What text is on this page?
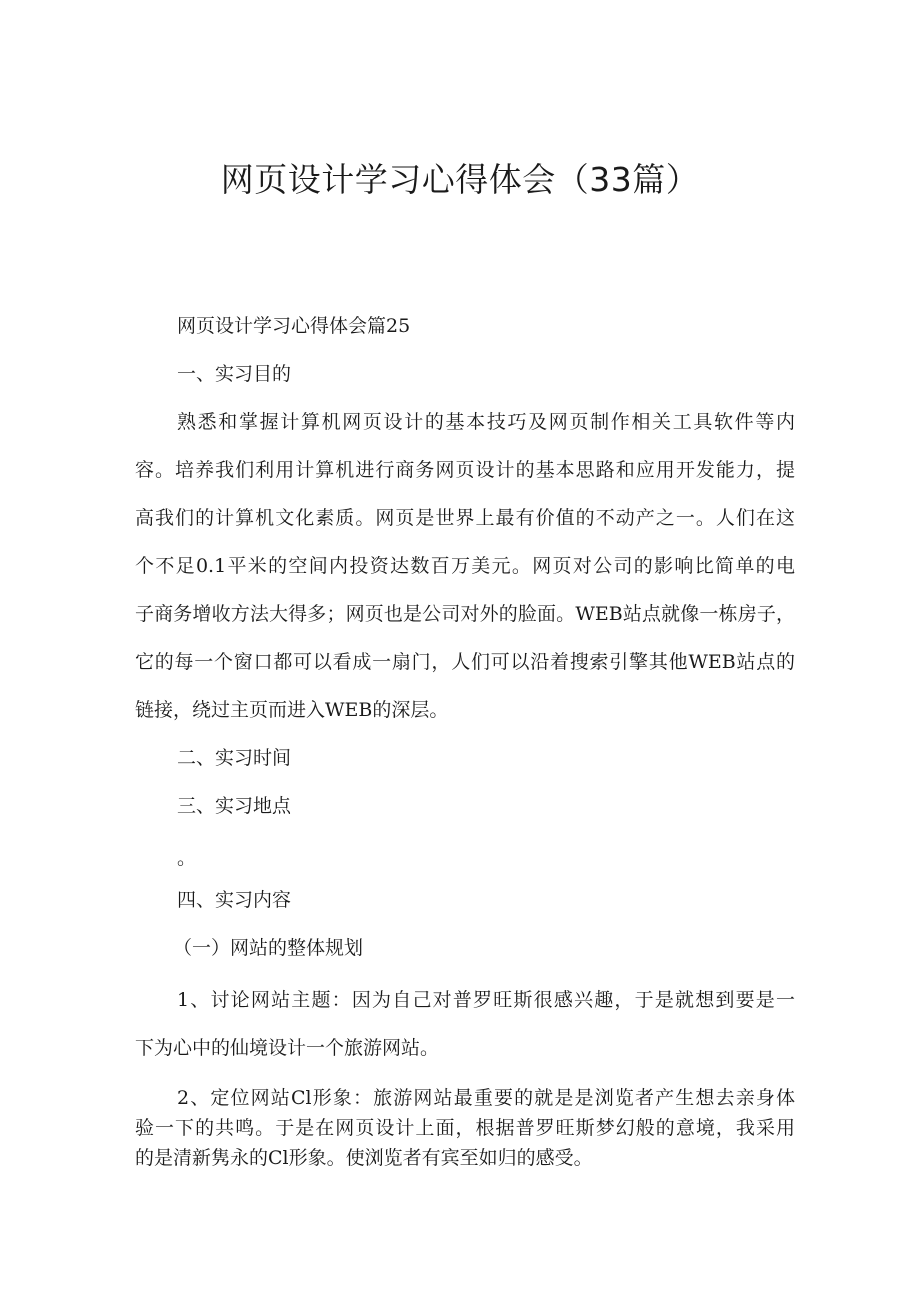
网页设计学习心得体会（33篇）

网页设计学习心得体会篇25

一、实习目的

熟悉和掌握计算机网页设计的基本技巧及网页制作相关工具软件等内

容。培养我们利用计算机进行商务网页设计的基本思路和应用开发能力，提

高我们的计算机文化素质。网页是世界上最有价值的不动产之一。人们在这

个不足0.1平米的空间内投资达数百万美元。网页对公司的影响比简单的电

子商务增收方法大得多；网页也是公司对外的脸面。WEB站点就像一栋房子，

它的每一个窗口都可以看成一扇门，人们可以沿着搜索引擎其他WEB站点的

链接，绕过主页而进入WEB的深层。

二、实习时间

三、实习地点

。

四、实习内容

（一）网站的整体规划

1、讨论网站主题：因为自己对普罗旺斯很感兴趣，于是就想到要是一

下为心中的仙境设计一个旅游网站。

2、定位网站Cl形象：旅游网站最重要的就是是浏览者产生想去亲身体

验一下的共鸣。于是在网页设计上面，根据普罗旺斯梦幻般的意境，我采用

的是清新隽永的Cl形象。使浏览者有宾至如归的感受。
